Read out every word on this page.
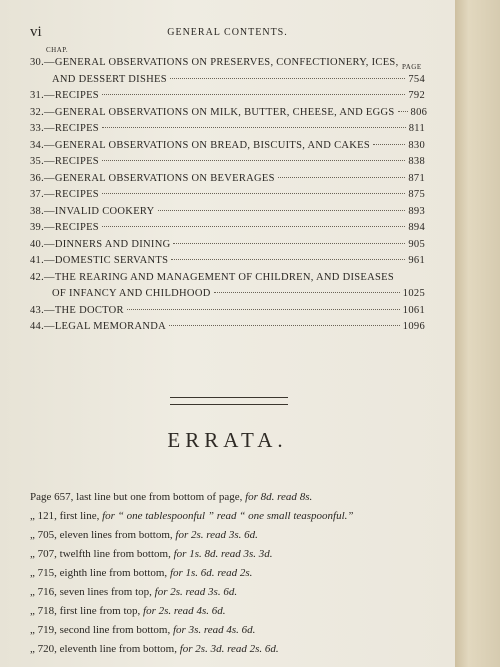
vi	GENERAL CONTENTS.
CHAP.
PAGE
30. —GENERAL OBSERVATIONS ON PRESERVES, CONFECTIONERY, ICES,
AND DESSERT DISHES	754
31. —RECIPES	792
32. —GENERAL OBSERVATIONS ON MILK, BUTTER, CHEESE, AND EGGS 806
33. —RECIPES	811
34. —GENERAL OBSERVATIONS ON BREAD, BISCUITS, AND CAKES	830
35. —RECIPES	838
36. —GENERAL OBSERVATIONS ON BEVERAGES	871
37. —RECIPES	875
38. —INVALID COOKERY	893
39. —RECIPES	894
40. —DINNERS AND DINING	905
41. —DOMESTIC SERVANTS	961
42. —THE REARING AND MANAGEMENT OF CHILDREN, AND DISEASES
OF INFANCY AND CHILDHOOD	1025
43. —THE DOCTOR	1061
44. —LEGAL MEMORANDA	1096
ERRATA.
Page 657, last line but one from bottom of page, for 8d. read 8s.
„ 121, first line, for “ one tablespoonful ” read “ one small teaspoonful.”
„ 705, eleven lines from bottom, for 2s. read 3s. 6d.
„ 707, twelfth line from bottom, for 1s. 8d. read 3s. 3d.
„ 715, eighth line from bottom, for 1s. 6d. read 2s.
„ 716, seven lines from top, for 2s. read 3s. 6d.
„ 718, first line from top, for 2s. read 4s. 6d.
„ 719, second line from bottom, for 3s. read 4s. 6d.
„ 720, eleventh line from bottom, for 2s. 3d. read 2s. 6d.
